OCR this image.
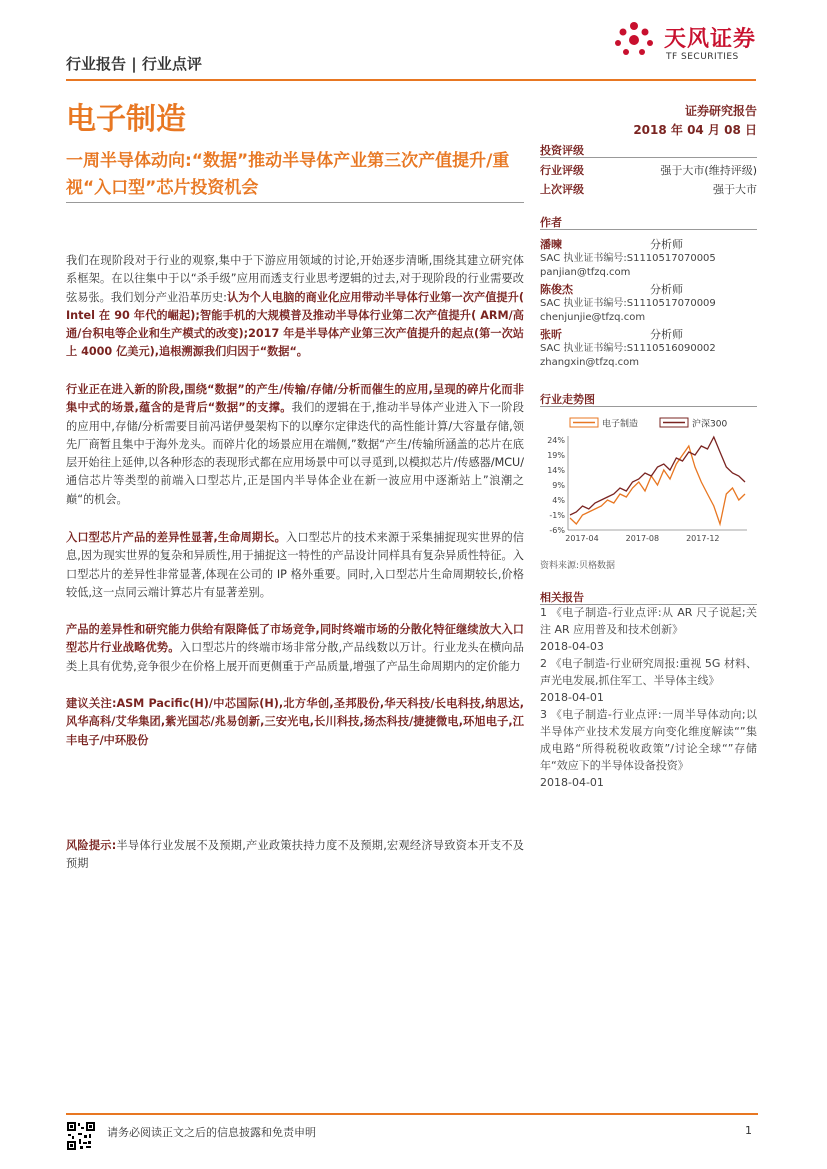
行业报告 | 行业点评
天风证券
TF SECURITIES
电子制造	证券研究报告
2018 年 04 月 08 日
一周半导体动向:“数据”推动半导体产业第三次产值提升/重视“入口型”芯片投资机会
我们在现阶段对于行业的观察,集中于下游应用领域的讨论,开始逐步清晰,围绕其建立研究体系框架。在以往集中于以“杀手级”应用而透支行业思考逻辑的过去,对于现阶段的行业需要改弦易张。我们划分产业沿革历史:认为个人电脑的商业化应用带动半导体行业第一次产值提升( Intel 在 90 年代的崛起);智能手机的大规模普及推动半导体行业第二次产值提升( ARM/高通/台积电等企业和生产模式的改变);2017 年是半导体产业第三次产值提升的起点(第一次站上 4000 亿美元),追根溯源我们归因于“数据“。
行业正在进入新的阶段,围绕“数据”的产生/传输/存储/分析而催生的应用,呈现的碎片化而非集中式的场景,蕴含的是背后“数据”的支撑。我们的逻辑在于,推动半导体产业进入下一阶段的应用中,存储/分析需要目前冯诺伊曼架构下的以摩尔定律迭代的高性能计算/大容量存储,领先厂商暂且集中于海外龙头。而碎片化的场景应用在端侧,”数据“产生/传输所涵盖的芯片在底层开始往上延伸,以各种形态的表现形式都在应用场景中可以寻觅到,以模拟芯片/传感器/MCU/通信芯片等类型的前端入口型芯片,正是国内半导体企业在新一波应用中逐渐站上”浪潮之巅“的机会。
入口型芯片产品的差异性显著,生命周期长。入口型芯片的技术来源于采集捕捉现实世界的信息,因为现实世界的复杂和异质性,用于捕捉这一特性的产品设计同样具有复杂异质性特征。入口型芯片的差异性非常显著,体现在公司的 IP 格外重要。同时,入口型芯片生命周期较长,价格较低,这一点同云端计算芯片有显著差别。
产品的差异性和研究能力供给有限降低了市场竞争,同时终端市场的分散化特征继续放大入口型芯片行业战略优势。入口型芯片的终端市场非常分散,产品线数以万计。行业龙头在横向品类上具有优势,竞争很少在价格上展开而更侧重于产品质量,增强了产品生命周期内的定价能力
建议关注:ASM Pacific(H)/中芯国际(H),北方华创,圣邦股份,华天科技/长电科技,纳思达,风华高科/艾华集团,紫光国芯/兆易创新,三安光电,长川科技,扬杰科技/捷捷微电,环旭电子,江丰电子/中环股份
风险提示:半导体行业发展不及预期,产业政策扶持力度不及预期,宏观经济导致资本开支不及预期
投资评级
行业评级	强于大市(维持评级)
上次评级	强于大市
作者
潘暕	分析师
SAC 执业证书编号:S1110517070005
panjian@tfzq.com
陈俊杰	分析师
SAC 执业证书编号:S1110517070009
chenjunjie@tfzq.com
张昕	分析师
SAC 执业证书编号:S1110516090002
zhangxin@tfzq.com
行业走势图
电子制造	沪深300
24%
19%
14%
9%
4%
-1%
-6%
2017-04	2017-08	2017-12
资料来源:贝格数据
相关报告
1 《电子制造-行业点评:从 AR 尺子说起;关注 AR 应用普及和技术创新》
2018-04-03
2 《电子制造-行业研究周报:重视 5G 材料、声光电发展,抓住军工、半导体主线》
2018-04-01
3 《电子制造-行业点评:一周半导体动向;以半导体产业技术发展方向变化维度解读“”集成电路“所得税税收政策”/讨论全球“”存储年“效应下的半导体设备投资》
2018-04-01
请务必阅读正文之后的信息披露和免责申明	1
